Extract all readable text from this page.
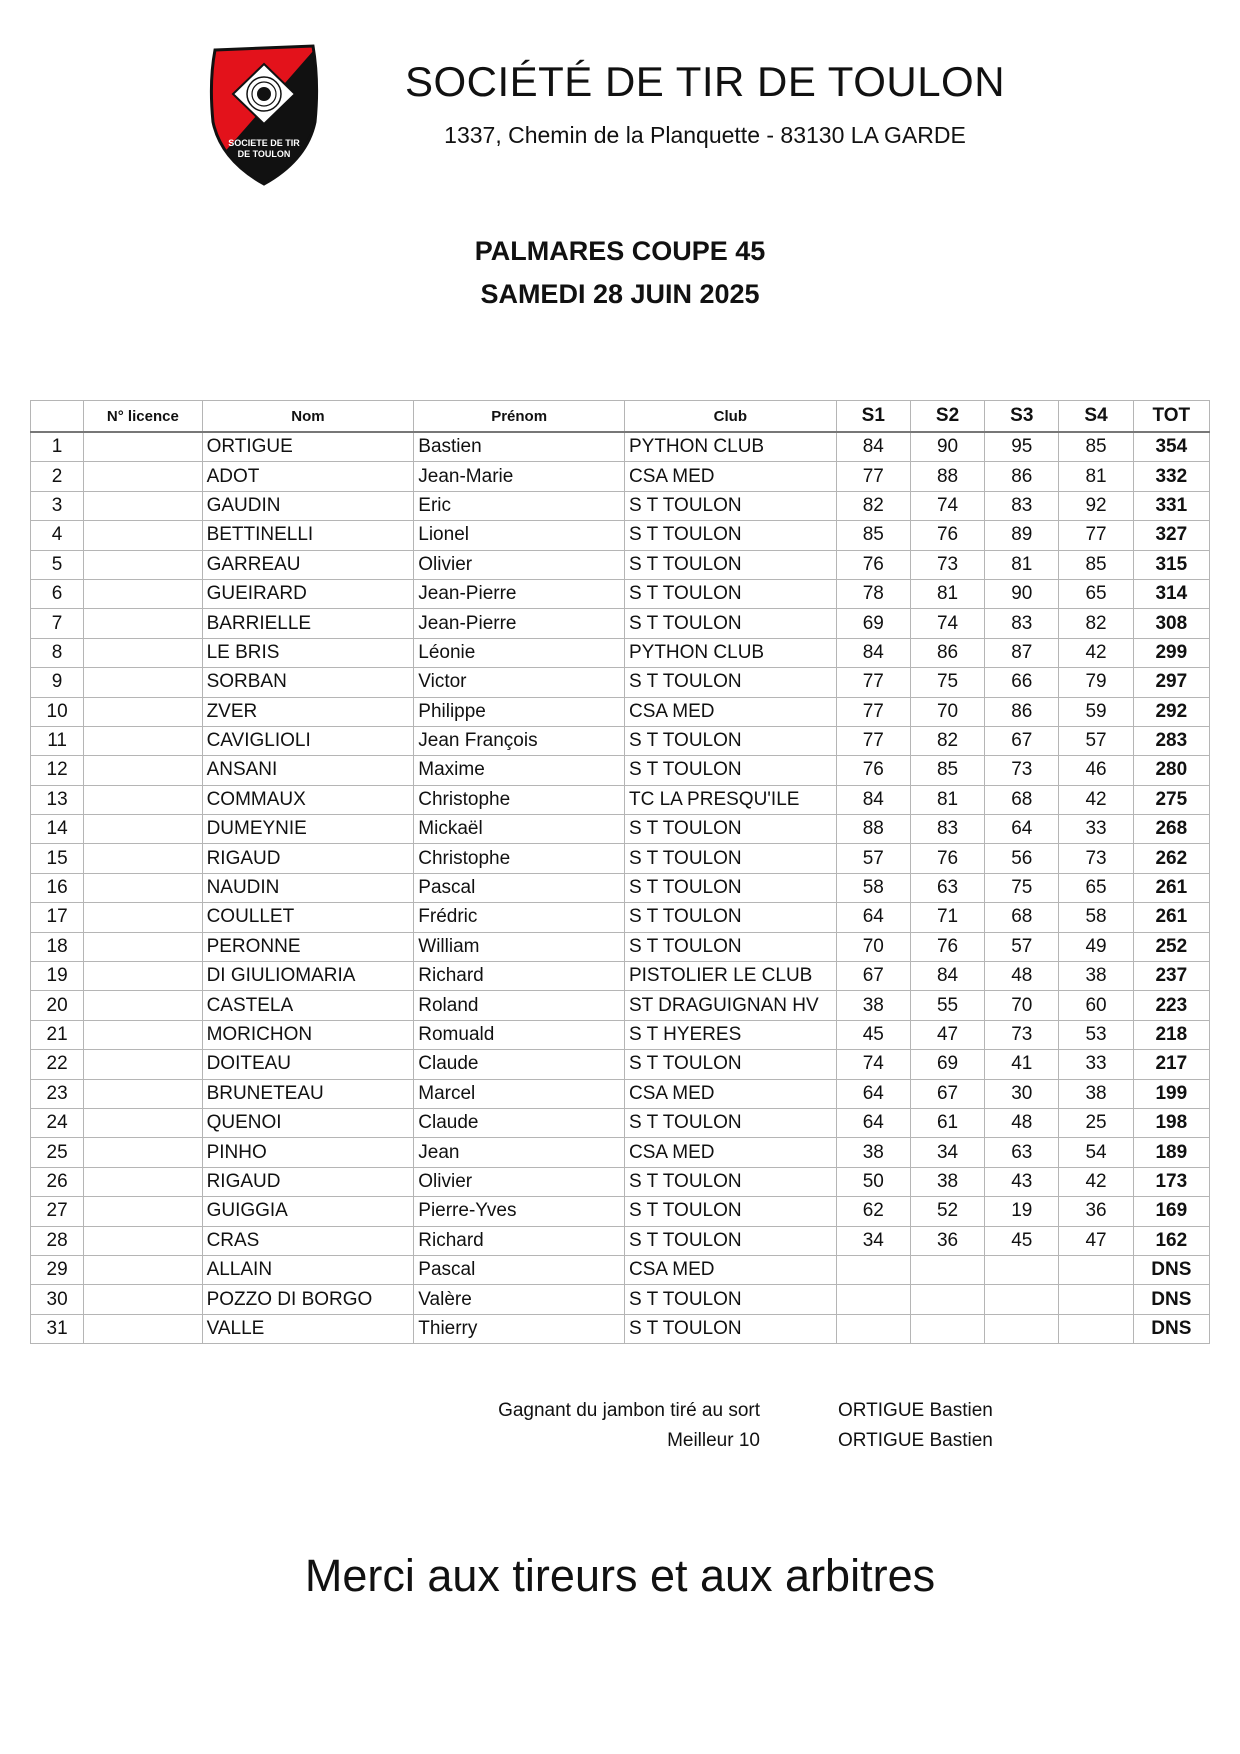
SOCIETE DE TIR
DE TOULON
SOCIÉTÉ DE TIR DE TOULON
1337, Chemin de la Planquette - 83130 LA GARDE
PALMARES COUPE 45
SAMEDI 28 JUIN 2025
	N° licence	Nom	Prénom	Club	S1	S2	S3	S4	TOT
1		ORTIGUE	Bastien	PYTHON CLUB	84	90	95	85	354
2		ADOT	Jean-Marie	CSA MED	77	88	86	81	332
3		GAUDIN	Eric	S T TOULON	82	74	83	92	331
4		BETTINELLI	Lionel	S T TOULON	85	76	89	77	327
5		GARREAU	Olivier	S T TOULON	76	73	81	85	315
6		GUEIRARD	Jean-Pierre	S T TOULON	78	81	90	65	314
7		BARRIELLE	Jean-Pierre	S T TOULON	69	74	83	82	308
8		LE BRIS	Léonie	PYTHON CLUB	84	86	87	42	299
9		SORBAN	Victor	S T TOULON	77	75	66	79	297
10		ZVER	Philippe	CSA MED	77	70	86	59	292
11		CAVIGLIOLI	Jean François	S T TOULON	77	82	67	57	283
12		ANSANI	Maxime	S T TOULON	76	85	73	46	280
13		COMMAUX	Christophe	TC LA PRESQU'ILE	84	81	68	42	275
14		DUMEYNIE	Mickaël	S T TOULON	88	83	64	33	268
15		RIGAUD	Christophe	S T TOULON	57	76	56	73	262
16		NAUDIN	Pascal	S T TOULON	58	63	75	65	261
17		COULLET	Frédric	S T TOULON	64	71	68	58	261
18		PERONNE	William	S T TOULON	70	76	57	49	252
19		DI GIULIOMARIA	Richard	PISTOLIER LE CLUB	67	84	48	38	237
20		CASTELA	Roland	ST DRAGUIGNAN HV	38	55	70	60	223
21		MORICHON	Romuald	S T HYERES	45	47	73	53	218
22		DOITEAU	Claude	S T TOULON	74	69	41	33	217
23		BRUNETEAU	Marcel	CSA MED	64	67	30	38	199
24		QUENOI	Claude	S T TOULON	64	61	48	25	198
25		PINHO	Jean	CSA MED	38	34	63	54	189
26		RIGAUD	Olivier	S T TOULON	50	38	43	42	173
27		GUIGGIA	Pierre-Yves	S T TOULON	62	52	19	36	169
28		CRAS	Richard	S T TOULON	34	36	45	47	162
29		ALLAIN	Pascal	CSA MED					DNS
30		POZZO DI BORGO	Valère	S T TOULON					DNS
31		VALLE	Thierry	S T TOULON					DNS
Gagnant du jambon tiré au sort	ORTIGUE Bastien
Meilleur 10	ORTIGUE Bastien
Merci aux tireurs et aux arbitres
